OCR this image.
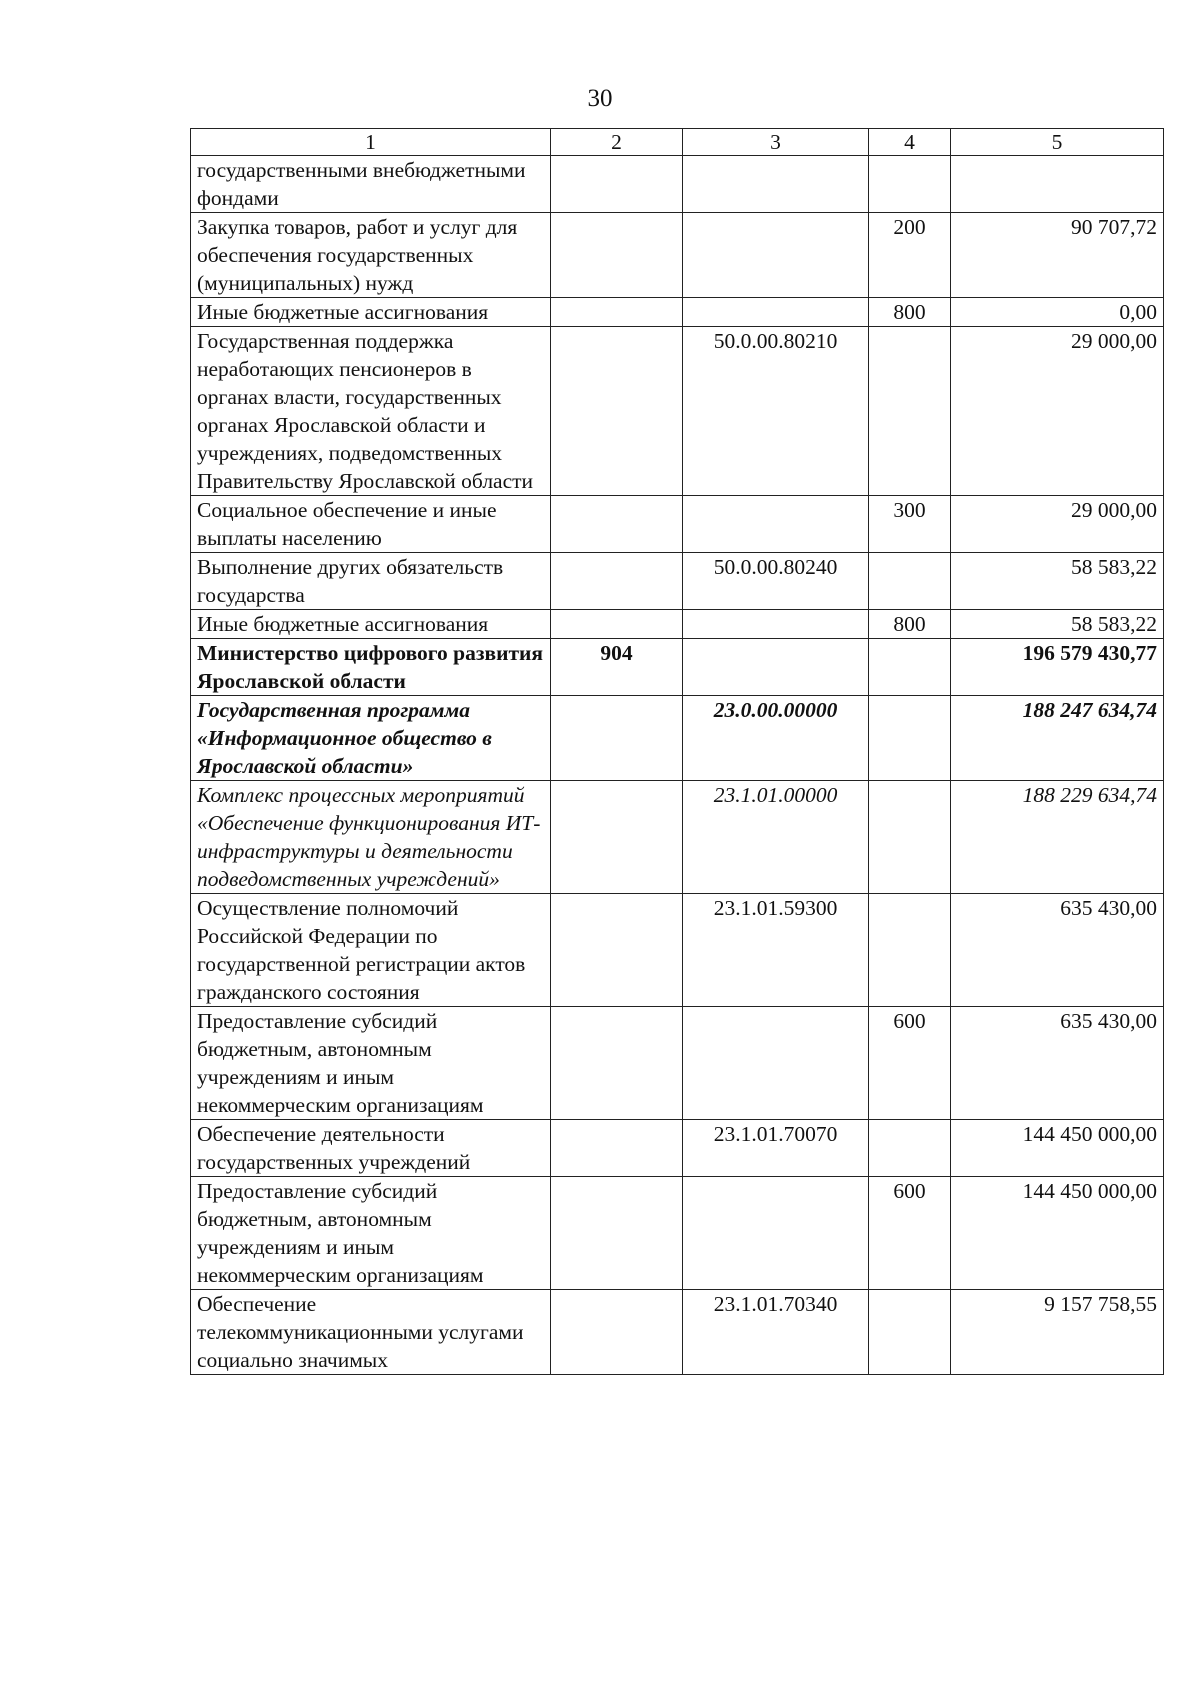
30
1	2	3	4	5
государственными внебюджетными фондами				
Закупка товаров, работ и услуг для обеспечения государственных (муниципальных) нужд			200	90 707,72
Иные бюджетные ассигнования			800	0,00
Государственная поддержка неработающих пенсионеров в органах власти, государственных органах Ярославской области и учреждениях, подведомственных Правительству Ярославской области		50.0.00.80210		29 000,00
Социальное обеспечение и иные выплаты населению			300	29 000,00
Выполнение других обязательств государства		50.0.00.80240		58 583,22
Иные бюджетные ассигнования			800	58 583,22
Министерство цифрового развития Ярославской области	904			196 579 430,77
Государственная программа «Информационное общество в Ярославской области»		23.0.00.00000		188 247 634,74
Комплекс процессных мероприятий «Обеспечение функционирования ИТ-инфраструктуры и деятельности подведомственных учреждений»		23.1.01.00000		188 229 634,74
Осуществление полномочий Российской Федерации по государственной регистрации актов гражданского состояния		23.1.01.59300		635 430,00
Предоставление субсидий бюджетным, автономным учреждениям и иным некоммерческим организациям			600	635 430,00
Обеспечение деятельности государственных учреждений		23.1.01.70070		144 450 000,00
Предоставление субсидий бюджетным, автономным учреждениям и иным некоммерческим организациям			600	144 450 000,00
Обеспечение телекоммуникационными услугами социально значимых		23.1.01.70340		9 157 758,55
